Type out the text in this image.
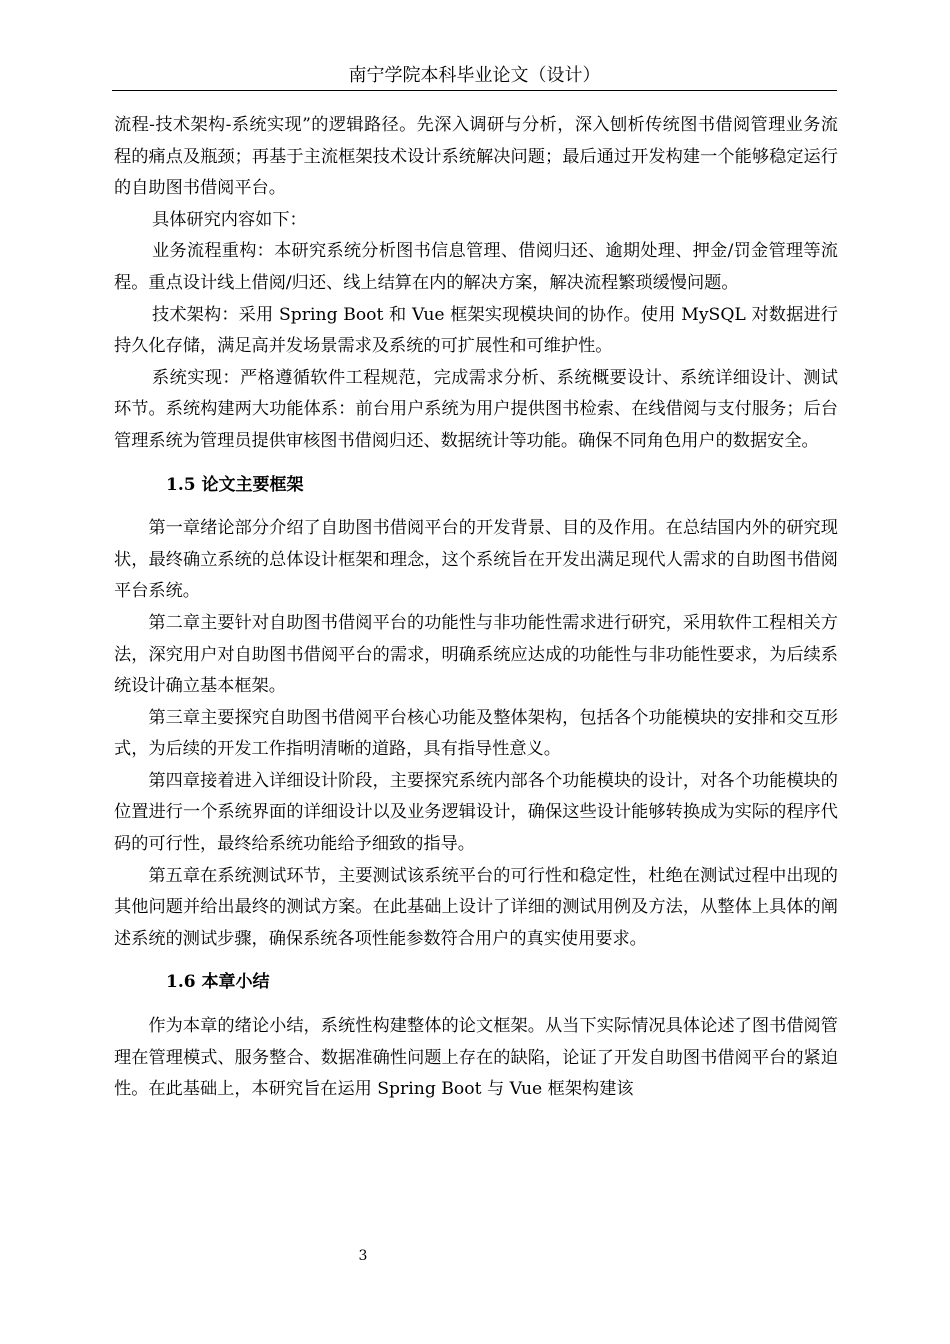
南宁学院本科毕业论文（设计）

流程-技术架构-系统实现”的逻辑路径。先深入调研与分析，深入刨析传统图书借阅管理业务流程的痛点及瓶颈；再基于主流框架技术设计系统解决问题；最后通过开发构建一个能够稳定运行的自助图书借阅平台。

具体研究内容如下：

业务流程重构：本研究系统分析图书信息管理、借阅归还、逾期处理、押金/罚金管理等流程。重点设计线上借阅/归还、线上结算在内的解决方案，解决流程繁琐缓慢问题。

技术架构：采用 Spring Boot 和 Vue 框架实现模块间的协作。使用 MySQL 对数据进行持久化存储，满足高并发场景需求及系统的可扩展性和可维护性。

系统实现：严格遵循软件工程规范，完成需求分析、系统概要设计、系统详细设计、测试环节。系统构建两大功能体系：前台用户系统为用户提供图书检索、在线借阅与支付服务；后台管理系统为管理员提供审核图书借阅归还、数据统计等功能。确保不同角色用户的数据安全。

1.5 论文主要框架

第一章绪论部分介绍了自助图书借阅平台的开发背景、目的及作用。在总结国内外的研究现状，最终确立系统的总体设计框架和理念，这个系统旨在开发出满足现代人需求的自助图书借阅平台系统。

第二章主要针对自助图书借阅平台的功能性与非功能性需求进行研究，采用软件工程相关方法，深究用户对自助图书借阅平台的需求，明确系统应达成的功能性与非功能性要求，为后续系统设计确立基本框架。

第三章主要探究自助图书借阅平台核心功能及整体架构，包括各个功能模块的安排和交互形式，为后续的开发工作指明清晰的道路，具有指导性意义。

第四章接着进入详细设计阶段，主要探究系统内部各个功能模块的设计，对各个功能模块的位置进行一个系统界面的详细设计以及业务逻辑设计，确保这些设计能够转换成为实际的程序代码的可行性，最终给系统功能给予细致的指导。

第五章在系统测试环节，主要测试该系统平台的可行性和稳定性，杜绝在测试过程中出现的其他问题并给出最终的测试方案。在此基础上设计了详细的测试用例及方法，从整体上具体的阐述系统的测试步骤，确保系统各项性能参数符合用户的真实使用要求。

1.6 本章小结

作为本章的绪论小结，系统性构建整体的论文框架。从当下实际情况具体论述了图书借阅管理在管理模式、服务整合、数据准确性问题上存在的缺陷，论证了开发自助图书借阅平台的紧迫性。在此基础上，本研究旨在运用 Spring Boot 与 Vue 框架构建该

3
